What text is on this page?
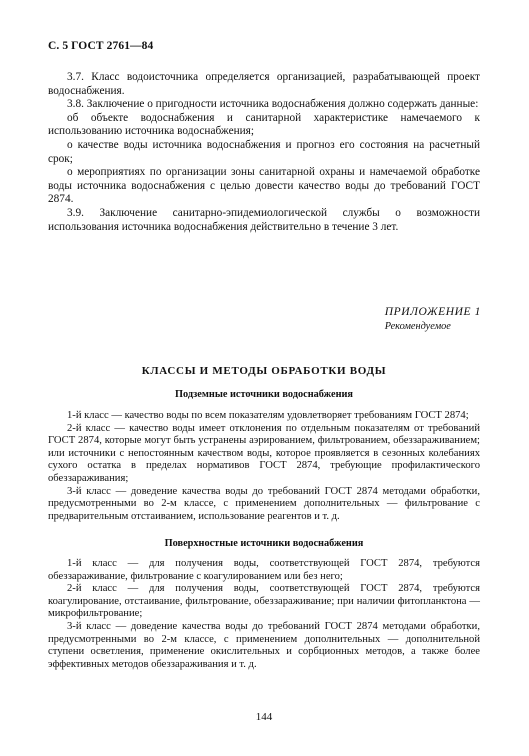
С. 5 ГОСТ 2761—84

3.7. Класс водоисточника определяется организацией, разрабатывающей проект водоснабжения.

3.8. Заключение о пригодности источника водоснабжения должно содержать данные:

об объекте водоснабжения и санитарной характеристике намечаемого к использованию источника водоснабжения;

о качестве воды источника водоснабжения и прогноз его состояния на расчетный срок;

о мероприятиях по организации зоны санитарной охраны и намечаемой обработке воды источника водоснабжения с целью довести качество воды до требований ГОСТ 2874.

3.9. Заключение санитарно-эпидемиологической службы о возможности использования источника водоснабжения действительно в течение 3 лет.

ПРИЛОЖЕНИЕ 1
Рекомендуемое
КЛАССЫ И МЕТОДЫ ОБРАБОТКИ ВОДЫ
Подземные источники водоснабжения

1-й класс — качество воды по всем показателям удовлетворяет требованиям ГОСТ 2874;

2-й класс — качество воды имеет отклонения по отдельным показателям от требований ГОСТ 2874, которые могут быть устранены аэрированием, фильтрованием, обеззараживанием; или источники с непостоянным качеством воды, которое проявляется в сезонных колебаниях сухого остатка в пределах нормативов ГОСТ 2874, требующие профилактического обеззараживания;

3-й класс — доведение качества воды до требований ГОСТ 2874 методами обработки, предусмотренными во 2-м классе, с применением дополнительных — фильтрование с предварительным отстаиванием, использование реагентов и т. д.

Поверхностные источники водоснабжения

1-й класс — для получения воды, соответствующей ГОСТ 2874, требуются обеззараживание, фильтрование с коагулированием или без него;

2-й класс — для получения воды, соответствующей ГОСТ 2874, требуются коагулирование, отстаивание, фильтрование, обеззараживание; при наличии фитопланктона — микрофильтрование;

3-й класс — доведение качества воды до требований ГОСТ 2874 методами обработки, предусмотренными во 2-м классе, с применением дополнительных — дополнительной ступени осветления, применение окислительных и сорбционных методов, а также более эффективных методов обеззараживания и т. д.

144
